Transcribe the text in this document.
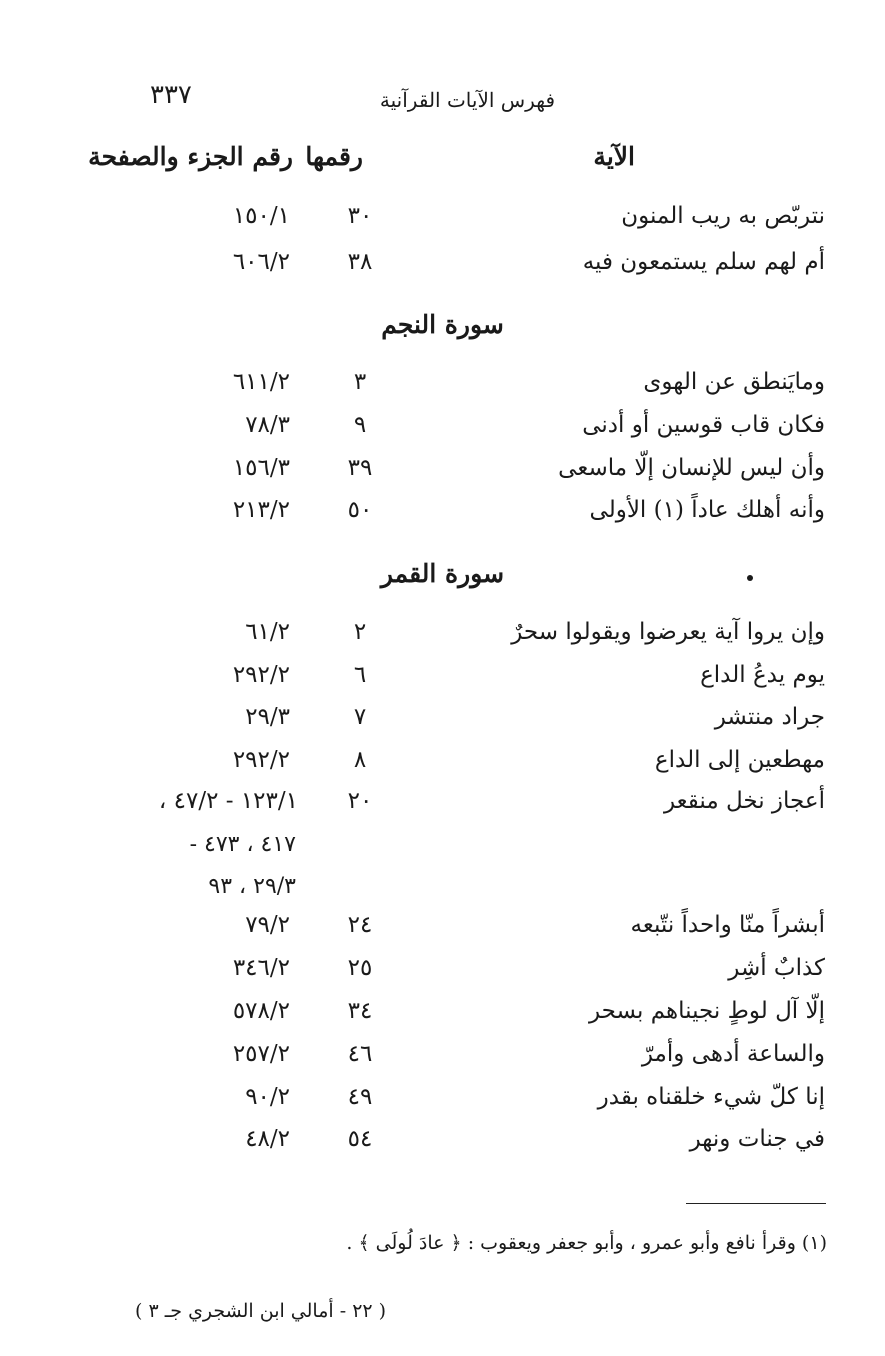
٣٣٧	فهرس الآيات القرآنية
الآية
رقمها
رقم الجزء والصفحة
نتربّص به ريب المنون
٣٠
١٥٠/١
أم لهم سلم يستمعون فيه
٣٨
٦٠٦/٢
سورة النجم
ومايَنطق عن الهوى
٣
٦١١/٢
فكان قاب قوسين أو أدنى
٩
٧٨/٣
وأن ليس للإنسان إلّا ماسعى
٣٩
١٥٦/٣
وأنه أهلك عاداً (١) الأولى
٥٠
٢١٣/٢
سورة القمر
وإن يروا آية يعرضوا ويقولوا سحرٌ
٢
٦١/٢
يوم يدعُ الداع
٦
٢٩٢/٢
جراد منتشر
٧
٢٩/٣
مهطعين إلى الداع
٨
٢٩٢/٢
أعجاز نخل منقعر
٢٠
١٢٣/١ - ٤٧/٢ ،
٤١٧ ، ٤٧٣ -
٢٩/٣ ، ٩٣
أبشراً منّا واحداً نتّبعه
٢٤
٧٩/٢
كذابٌ أشِر
٢٥
٣٤٦/٢
إلّا آل لوطٍ نجيناهم بسحر
٣٤
٥٧٨/٢
والساعة أدهى وأمرّ
٤٦
٢٥٧/٢
إنا كلّ شيء خلقناه بقدر
٤٩
٩٠/٢
في جنات ونهر
٥٤
٤٨/٢
(١) وقرأ نافع وأبو عمرو ، وأبو جعفر ويعقوب : ﴿ عادَ لُولَى ﴾ .
( ٢٢ - أمالي ابن الشجري جـ ٣ )
